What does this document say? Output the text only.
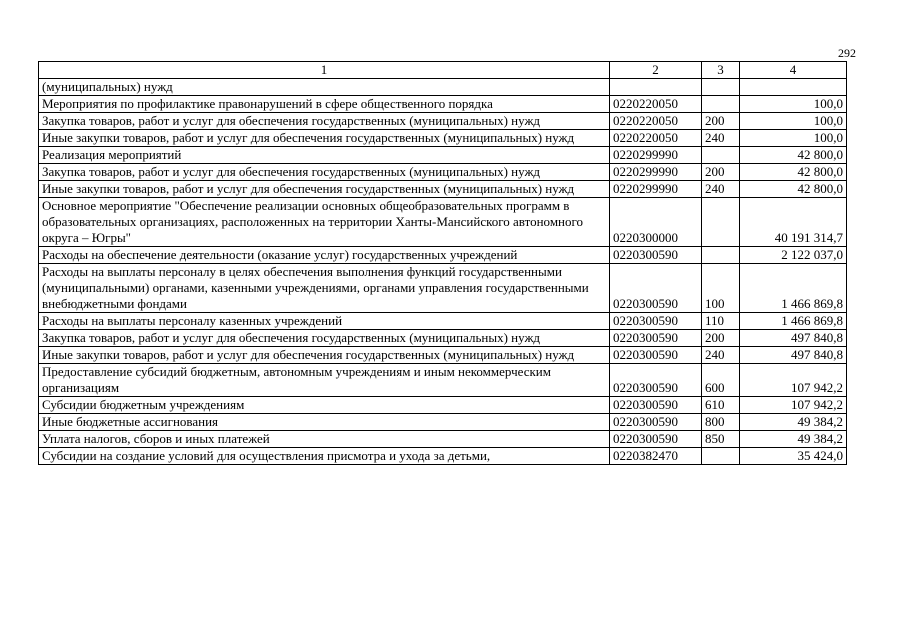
292
1	2	3	4
(муниципальных) нужд			
Мероприятия по профилактике правонарушений в сфере общественного порядка	0220220050		100,0
Закупка товаров, работ и услуг для обеспечения государственных (муниципальных) нужд	0220220050	200	100,0
Иные закупки товаров, работ и услуг для обеспечения государственных (муниципальных) нужд	0220220050	240	100,0
Реализация мероприятий	0220299990		42 800,0
Закупка товаров, работ и услуг для обеспечения государственных (муниципальных) нужд	0220299990	200	42 800,0
Иные закупки товаров, работ и услуг для обеспечения государственных (муниципальных) нужд	0220299990	240	42 800,0
Основное мероприятие "Обеспечение реализации основных общеобразовательных программ в образовательных организациях, расположенных на территории Ханты-Мансийского автономного округа – Югры"	0220300000		40 191 314,7
Расходы на обеспечение деятельности (оказание услуг) государственных учреждений	0220300590		2 122 037,0
Расходы на выплаты персоналу в целях обеспечения выполнения функций государственными (муниципальными) органами, казенными учреждениями, органами управления государственными внебюджетными фондами	0220300590	100	1 466 869,8
Расходы на выплаты персоналу казенных учреждений	0220300590	110	1 466 869,8
Закупка товаров, работ и услуг для обеспечения государственных (муниципальных) нужд	0220300590	200	497 840,8
Иные закупки товаров, работ и услуг для обеспечения государственных (муниципальных) нужд	0220300590	240	497 840,8
Предоставление субсидий бюджетным, автономным учреждениям и иным некоммерческим организациям	0220300590	600	107 942,2
Субсидии бюджетным учреждениям	0220300590	610	107 942,2
Иные бюджетные ассигнования	0220300590	800	49 384,2
Уплата налогов, сборов и иных платежей	0220300590	850	49 384,2
Субсидии на создание условий для осуществления присмотра и ухода за детьми,	0220382470		35 424,0
